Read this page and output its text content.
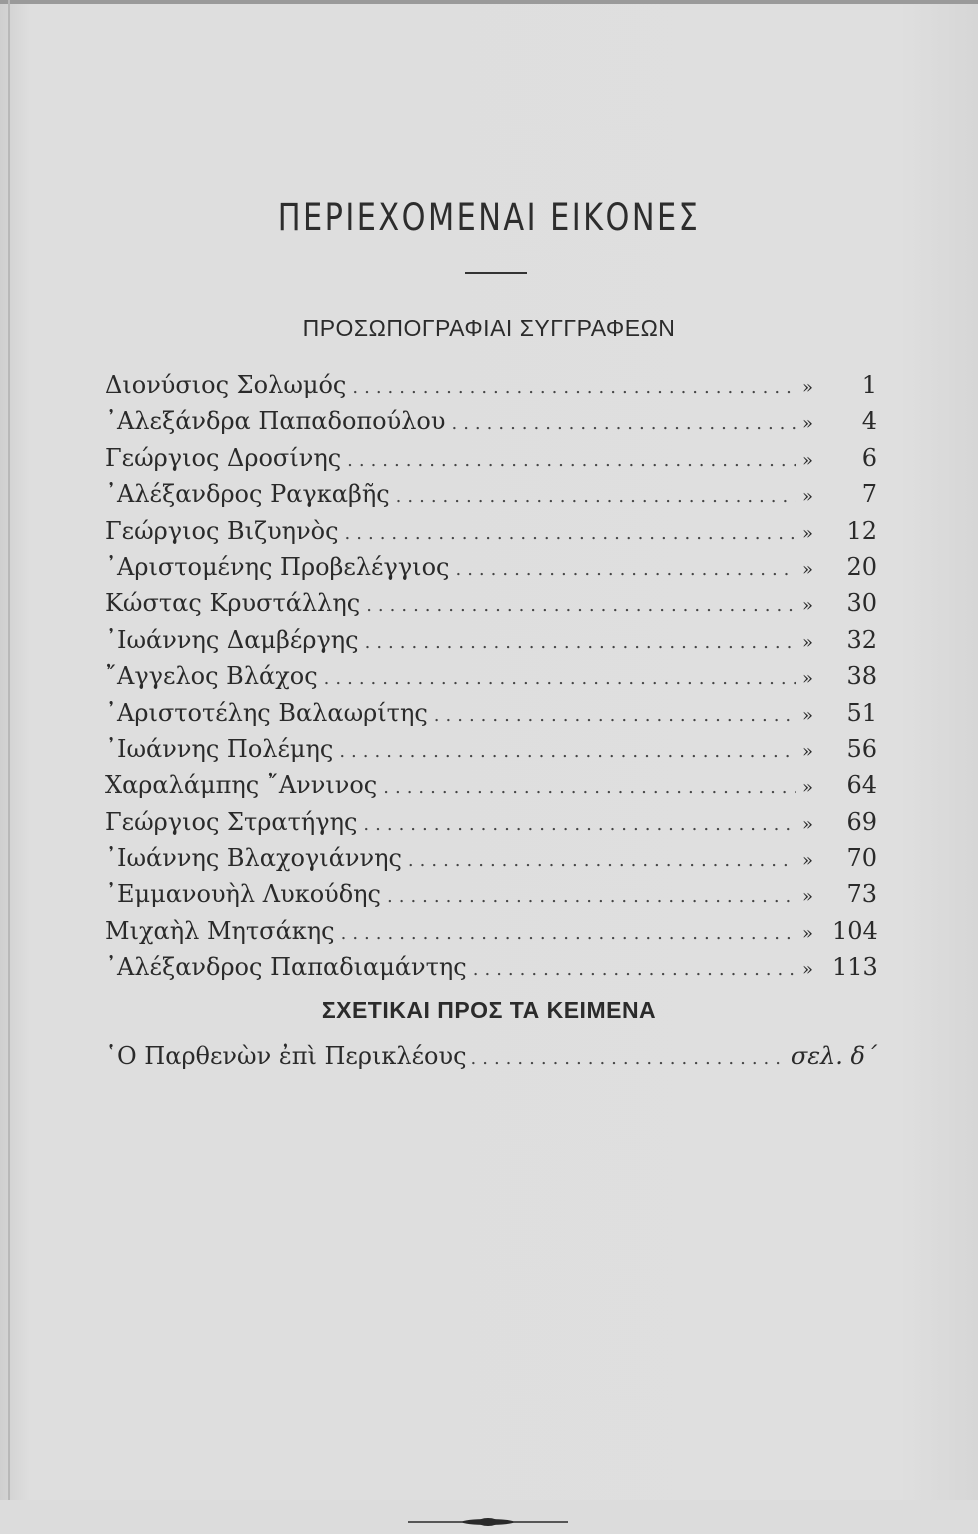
ΠΕΡΙΕΧΟΜΕΝΑΙ ΕΙΚΟΝΕΣ
ΠΡΟΣΩΠΟΓΡΑΦΙΑΙ ΣΥΓΓΡΑΦΕΩΝ
Διονύσιος Σολωμός .....	»	1
᾿Αλεξάνδρα Παπαδοπούλου .....	»	4
Γεώργιος Δροσίνης .....	»	6
᾿Αλέξανδρος Ραγκαβῆς .....	»	7
Γεώργιος Βιζυηνὸς .....	»	12
᾿Αριστομένης Προβελέγγιος .....	»	20
Κώστας Κρυστάλλης .....	»	30
᾿Ιωάννης Δαμβέργης .....	»	32
῎Αγγελος Βλάχος .....	»	38
᾿Αριστοτέλης Βαλαωρίτης .....	»	51
᾿Ιωάννης Πολέμης .....	»	56
Χαραλάμπης ῎Αννινος .....	»	64
Γεώργιος Στρατήγης .....	»	69
᾿Ιωάννης Βλαχογιάννης .....	»	70
᾿Εμμανουὴλ Λυκούδης .....	»	73
Μιχαὴλ Μητσάκης .....	» 104
᾿Αλέξανδρος Παπαδιαμάντης .....	» 113
ΣΧΕΤΙΚΑΙ ΠΡΟΣ ΤΑ ΚΕΙΜΕΝΑ
῾Ο Παρθενὼν ἐπὶ Περικλέους .....	σελ. δ΄
